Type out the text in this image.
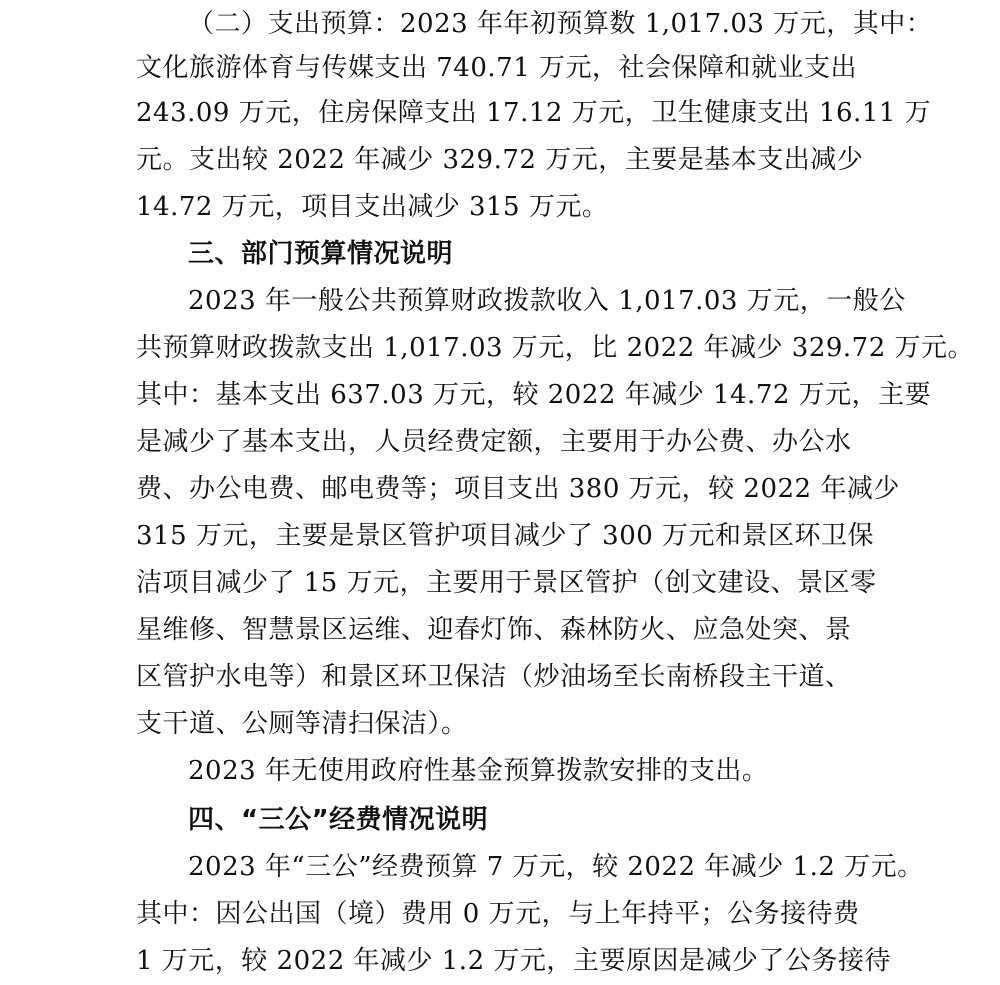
（二）支出预算：2023 年年初预算数 1,017.03 万元，其中：
文化旅游体育与传媒支出 740.71 万元，社会保障和就业支出
243.09 万元，住房保障支出 17.12 万元，卫生健康支出 16.11 万
元。支出较 2022 年减少 329.72 万元，主要是基本支出减少
14.72 万元，项目支出减少 315 万元。
三、部门预算情况说明
2023 年一般公共预算财政拨款收入 1,017.03 万元，一般公
共预算财政拨款支出 1,017.03 万元，比 2022 年减少 329.72 万元。
其中：基本支出 637.03 万元，较 2022 年减少 14.72 万元，主要
是减少了基本支出，人员经费定额，主要用于办公费、办公水
费、办公电费、邮电费等；项目支出 380 万元，较 2022 年减少
315 万元，主要是景区管护项目减少了 300 万元和景区环卫保
洁项目减少了 15 万元，主要用于景区管护（创文建设、景区零
星维修、智慧景区运维、迎春灯饰、森林防火、应急处突、景
区管护水电等）和景区环卫保洁（炒油场至长南桥段主干道、
支干道、公厕等清扫保洁）。
2023 年无使用政府性基金预算拨款安排的支出。
四、“三公”经费情况说明
2023 年“三公”经费预算 7 万元，较 2022 年减少 1.2 万元。
其中：因公出国（境）费用 0 万元，与上年持平；公务接待费
1 万元，较 2022 年减少 1.2 万元，主要原因是减少了公务接待
